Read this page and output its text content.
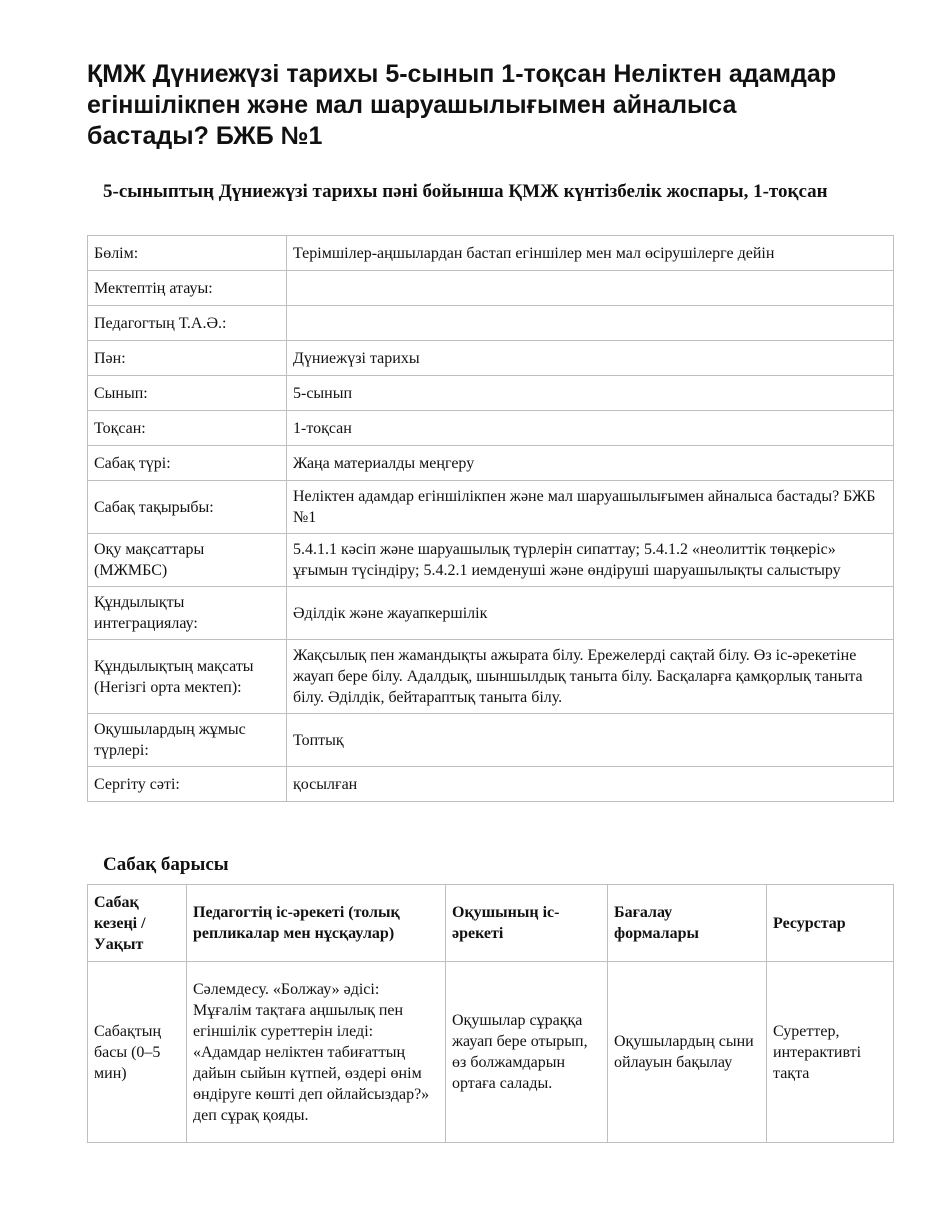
ҚМЖ Дүниежүзі тарихы 5-сынып 1-тоқсан Неліктен адамдар егіншілікпен және мал шаруашылығымен айналыса бастады? БЖБ №1
5-сыныптың Дүниежүзі тарихы пәні бойынша ҚМЖ күнтізбелік жоспары, 1-тоқсан
Бөлім:	Терімшілер-аңшылардан бастап егіншілер мен мал өсірушілерге дейін
Мектептің атауы:	
Педагогтың Т.А.Ә.:	
Пән:	Дүниежүзі тарихы
Сынып:	5-сынып
Тоқсан:	1-тоқсан
Сабақ түрі:	Жаңа материалды меңгеру
Сабақ тақырыбы:	Неліктен адамдар егіншілікпен және мал шаруашылығымен айналыса бастады? БЖБ №1
Оқу мақсаттары (МЖМБС)	5.4.1.1 кәсіп және шаруашылық түрлерін сипаттау; 5.4.1.2 «неолиттік төңкеріс» ұғымын түсіндіру; 5.4.2.1 иемденуші және өндіруші шаруашылықты салыстыру
Құндылықты интеграциялау:	Әділдік және жауапкершілік
Құндылықтың мақсаты (Негізгі орта мектеп):	Жақсылық пен жамандықты ажырата білу. Ережелерді сақтай білу. Өз іс-әрекетіне жауап бере білу. Адалдық, шыншылдық таныта білу. Басқаларға қамқорлық таныта білу. Әділдік, бейтараптық таныта білу.
Оқушылардың жұмыс түрлері:	Топтық
Сергіту сәті:	қосылған
Сабақ барысы
Сабақ кезеңі / Уақыт	Педагогтің іс-әрекеті (толық репликалар мен нұсқаулар)	Оқушының іс-әрекеті	Бағалау формалары	Ресурстар
Сабақтың басы (0–5 мин)	Сәлемдесу. «Болжау» әдісі: Мұғалім тақтаға аңшылық пен егіншілік суреттерін іледі: «Адамдар неліктен табиғаттың дайын сыйын күтпей, өздері өнім өндіруге көшті деп ойлайсыздар?» деп сұрақ қояды.	Оқушылар сұраққа жауап бере отырып, өз болжамдарын ортаға салады.	Оқушылардың сыни ойлауын бақылау	Суреттер, интерактивті тақта
